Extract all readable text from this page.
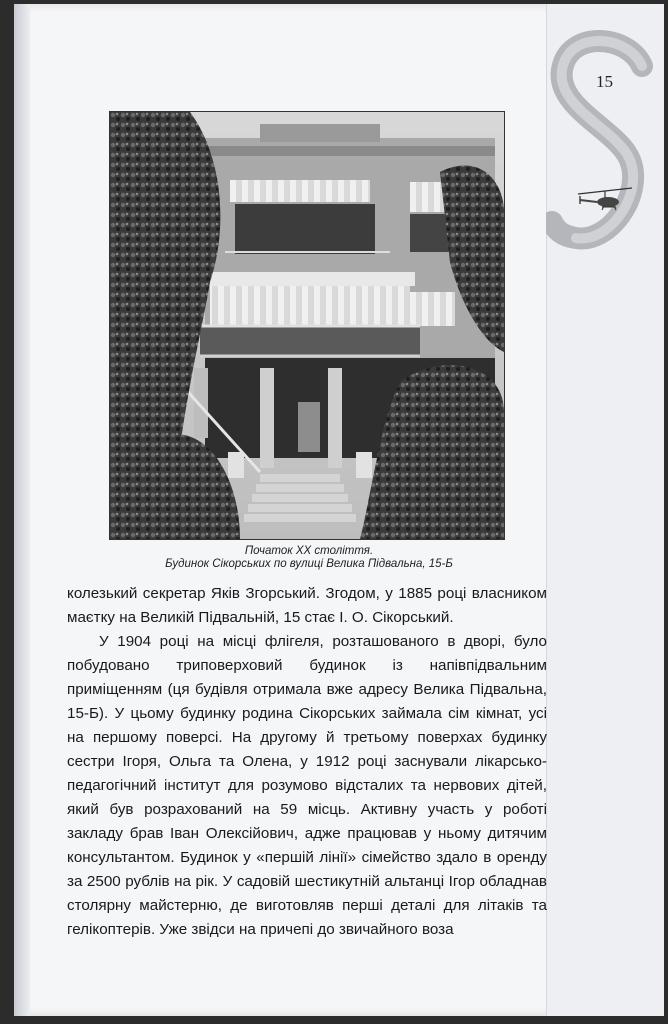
15
Початок XX століття.
Будинок Сікорських по вулиці Велика Підвальна, 15-Б

колезький секретар Яків Згорський. Згодом, у 1885 році власником маєтку на Великій Підвальній, 15 стає І. О. Сікорський.

У 1904 році на місці флігеля, розташованого в дворі, було побудовано триповерховий будинок із напівпідвальним приміщенням (ця будівля отримала вже адресу Велика Підвальна, 15-Б). У цьому будинку родина Сікорських займала сім кімнат, усі на першому поверсі. На другому й третьому поверхах будинку сестри Ігоря, Ольга та Олена, у 1912 році заснували лікарсько-педагогічний інститут для розумово відсталих та нервових дітей, який був розрахований на 59 місць. Активну участь у роботі закладу брав Іван Олексійович, адже працював у ньому дитячим консультантом. Будинок у «першій лінії» сімейство здало в оренду за 2500 рублів на рік. У садовій шестикутній альтанці Ігор обладнав столярну майстерню, де виготовляв перші деталі для літаків та гелікоптерів. Уже звідси на причепі до звичайного воза
